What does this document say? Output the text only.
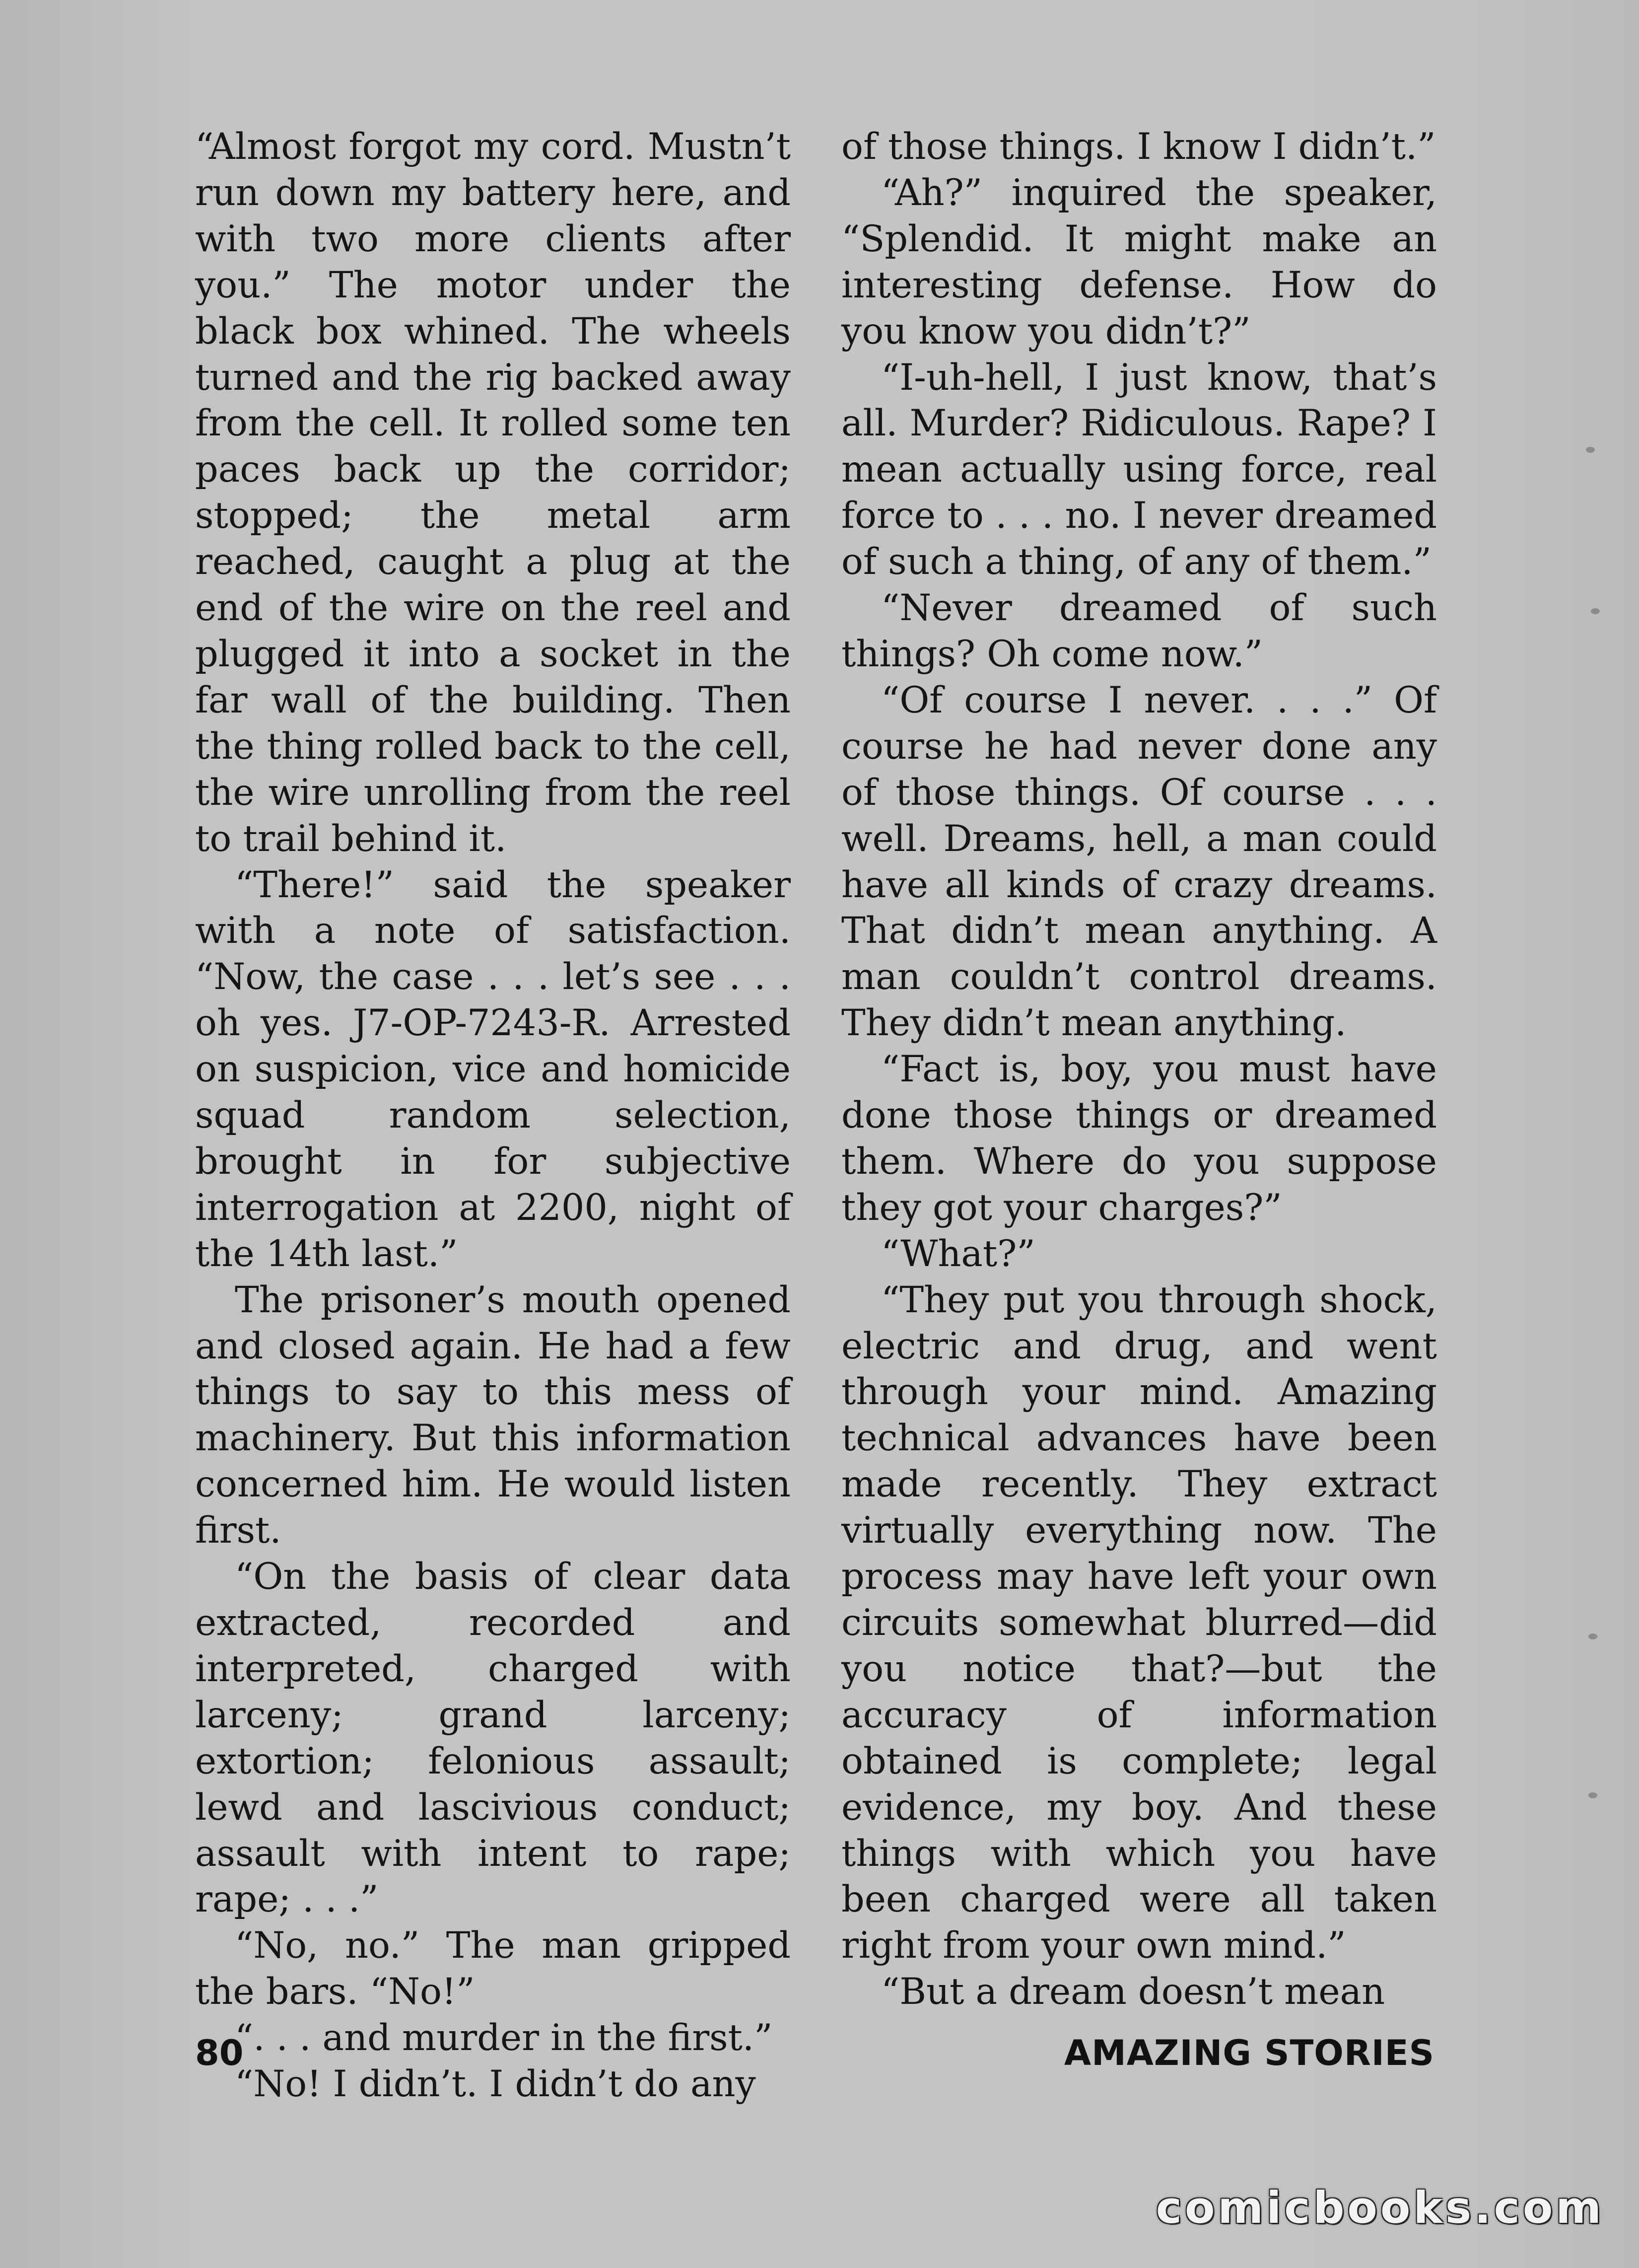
“Almost forgot my cord. Mustn’t run down my battery here, and with two more clients after you.” The motor under the black box whined. The wheels turned and the rig backed away from the cell. It rolled some ten paces back up the corridor; stopped; the metal arm reached, caught a plug at the end of the wire on the reel and plugged it into a socket in the far wall of the building. Then the thing rolled back to the cell, the wire unrolling from the reel to trail behind it.

“There!” said the speaker with a note of satisfaction. “Now, the case . . . let’s see . . . oh yes. J7-OP-7243-R. Arrested on suspicion, vice and homicide squad random selection, brought in for subjective interrogation at 2200, night of the 14th last.”

The prisoner’s mouth opened and closed again. He had a few things to say to this mess of machinery. But this information concerned him. He would listen first.

“On the basis of clear data extracted, recorded and interpreted, charged with larceny; grand larceny; extortion; felonious assault; lewd and lascivious conduct; assault with intent to rape; rape; . . .”

“No, no.” The man gripped the bars. “No!”

“. . . and murder in the first.”

“No! I didn’t. I didn’t do any

of those things. I know I didn’t.”

“Ah?” inquired the speaker, “Splendid. It might make an interesting defense. How do you know you didn’t?”

“I-uh-hell, I just know, that’s all. Murder? Ridiculous. Rape? I mean actually using force, real force to . . . no. I never dreamed of such a thing, of any of them.”

“Never dreamed of such things? Oh come now.”

“Of course I never. . . .” Of course he had never done any of those things. Of course . . . well. Dreams, hell, a man could have all kinds of crazy dreams. That didn’t mean anything. A man couldn’t control dreams. They didn’t mean anything.

“Fact is, boy, you must have done those things or dreamed them. Where do you suppose they got your charges?”

“What?”

“They put you through shock, electric and drug, and went through your mind. Amazing technical advances have been made recently. They extract virtually everything now. The process may have left your own circuits somewhat blurred—did you notice that?—but the accuracy of information obtained is complete; legal evidence, my boy. And these things with which you have been charged were all taken right from your own mind.”

“But a dream doesn’t mean

80	AMAZING STORIES
comicbooks.com
